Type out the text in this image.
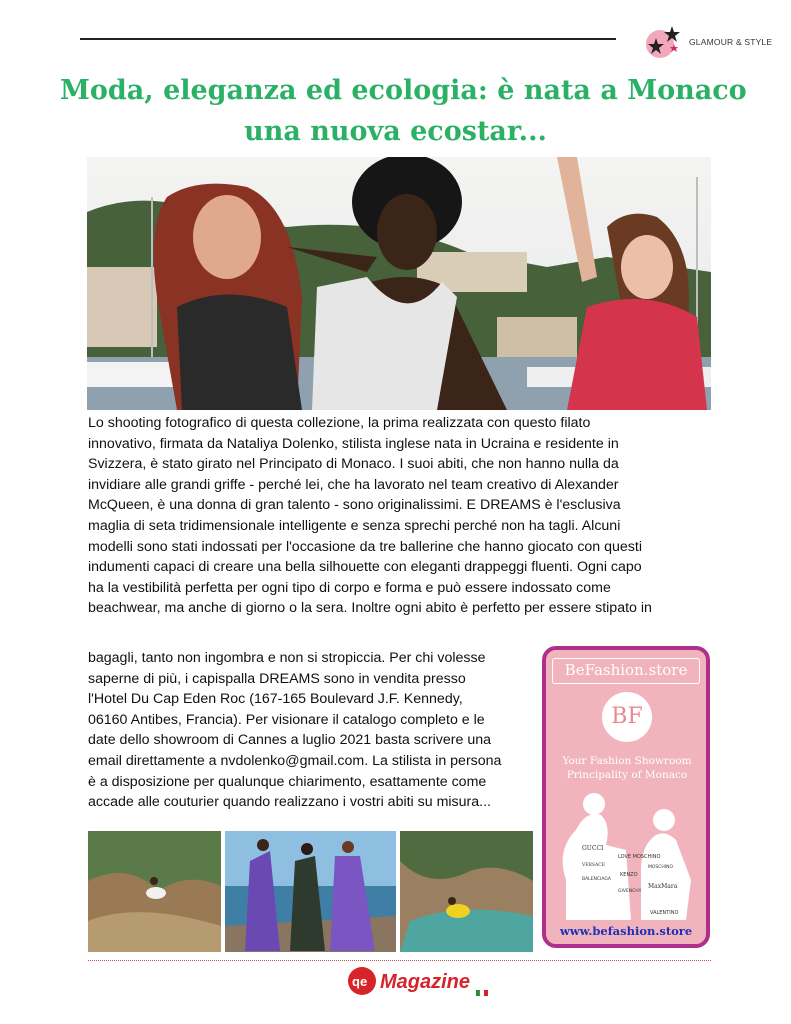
GLAMOUR & STYLE
Moda, eleganza ed ecologia: è nata a Monaco
una nuova ecostar...
Lo shooting fotografico di questa collezione, la prima realizzata con questo filato
innovativo, firmata da Nataliya Dolenko, stilista inglese nata in Ucraina e residente in
Svizzera, è stato girato nel Principato di Monaco. I suoi abiti, che non hanno nulla da
invidiare alle grandi griffe - perché lei, che ha lavorato nel team creativo di Alexander
McQueen, è una donna di gran talento - sono originalissimi. E DREAMS è l'esclusiva
maglia di seta tridimensionale intelligente e senza sprechi perché non ha tagli. Alcuni
modelli sono stati indossati per l'occasione da tre ballerine che hanno giocato con questi
indumenti capaci di creare una bella silhouette con eleganti drappeggi fluenti. Ogni capo
ha la vestibilità perfetta per ogni tipo di corpo e forma e può essere indossato come
beachwear, ma anche di giorno o la sera. Inoltre ogni abito è perfetto per essere stipato in
bagagli, tanto non ingombra e non si stropiccia. Per chi volesse
saperne di più, i capispalla DREAMS sono in vendita presso
l'Hotel Du Cap Eden Roc (167-165 Boulevard J.F. Kennedy,
06160 Antibes, Francia). Per visionare il catalogo completo e le
date dello showroom di Cannes a luglio 2021 basta scrivere una
email direttamente a nvdolenko@gmail.com. La stilista in persona
è a disposizione per qualunque chiarimento, esattamente come
accade alle couturier quando realizzano i vostri abiti su misura...
BeFashion.store
BF
Your Fashion Showroom
Principality of Monaco
GUCCI
LOVE MOSCHINO
KENZO
BALENCIAGA
GIVENCHY
MaxMara
VALENTINO
MOSCHINO
VERSACE
www.befashion.store
qe Magazine
